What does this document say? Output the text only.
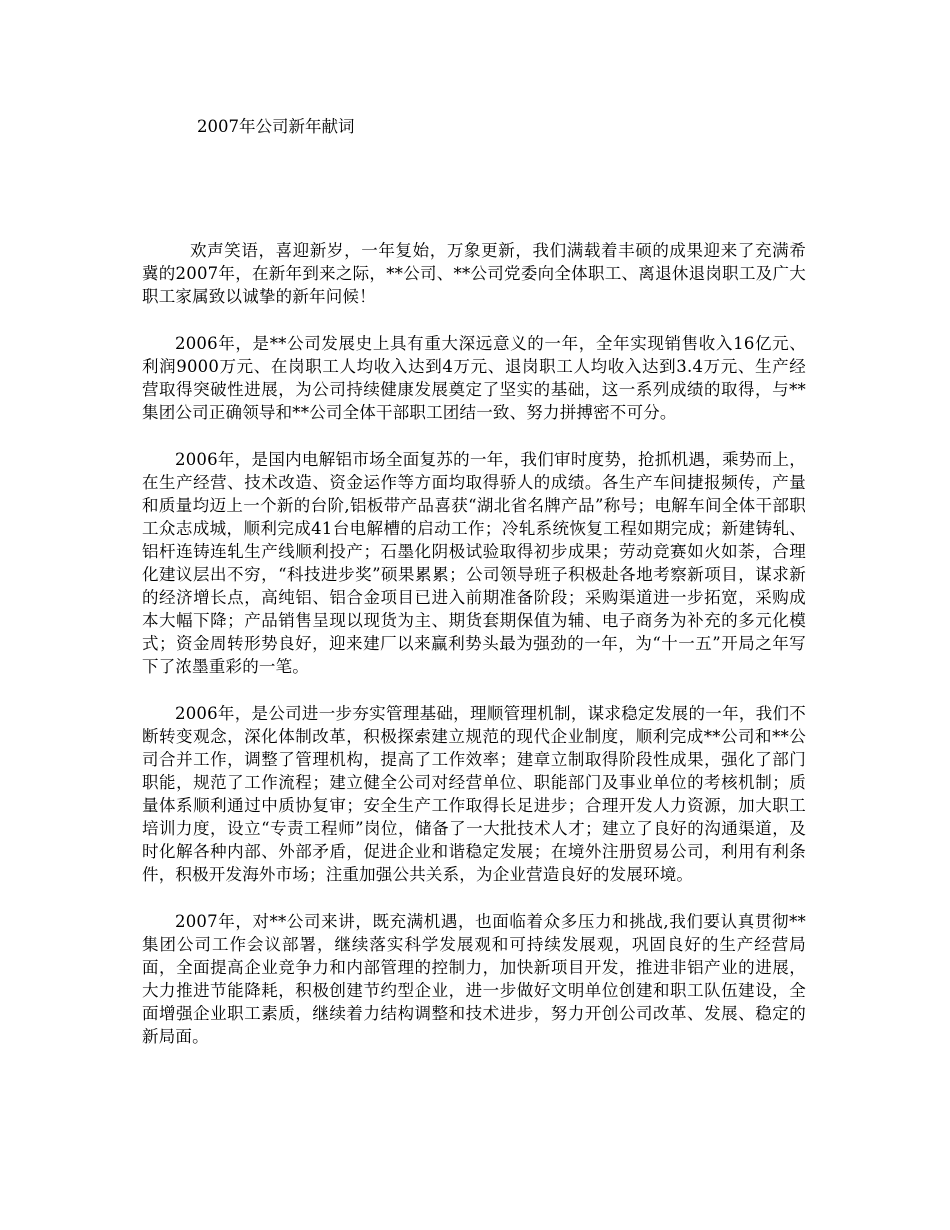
2007年公司新年献词

欢声笑语，喜迎新岁，一年复始，万象更新，我们满载着丰硕的成果迎来了充满希冀的2007年，在新年到来之际，**公司、**公司党委向全体职工、离退休退岗职工及广大职工家属致以诚挚的新年问候！

2006年，是**公司发展史上具有重大深远意义的一年，全年实现销售收入16亿元、利润9000万元、在岗职工人均收入达到4万元、退岗职工人均收入达到3.4万元、生产经营取得突破性进展，为公司持续健康发展奠定了坚实的基础，这一系列成绩的取得，与**集团公司正确领导和**公司全体干部职工团结一致、努力拼搏密不可分。

2006年，是国内电解铝市场全面复苏的一年，我们审时度势，抢抓机遇，乘势而上，在生产经营、技术改造、资金运作等方面均取得骄人的成绩。各生产车间捷报频传，产量和质量均迈上一个新的台阶,铝板带产品喜获“湖北省名牌产品”称号；电解车间全体干部职工众志成城，顺利完成41台电解槽的启动工作；冷轧系统恢复工程如期完成；新建铸轧、铝杆连铸连轧生产线顺利投产；石墨化阴极试验取得初步成果；劳动竞赛如火如荼，合理化建议层出不穷，“科技进步奖”硕果累累；公司领导班子积极赴各地考察新项目，谋求新的经济增长点，高纯铝、铝合金项目已进入前期准备阶段；采购渠道进一步拓宽，采购成本大幅下降；产品销售呈现以现货为主、期货套期保值为辅、电子商务为补充的多元化模式；资金周转形势良好，迎来建厂以来赢利势头最为强劲的一年，为“十一五”开局之年写下了浓墨重彩的一笔。

2006年，是公司进一步夯实管理基础，理顺管理机制，谋求稳定发展的一年，我们不断转变观念，深化体制改革，积极探索建立规范的现代企业制度，顺利完成**公司和**公司合并工作，调整了管理机构，提高了工作效率；建章立制取得阶段性成果，强化了部门职能，规范了工作流程；建立健全公司对经营单位、职能部门及事业单位的考核机制；质量体系顺利通过中质协复审；安全生产工作取得长足进步；合理开发人力资源，加大职工培训力度，设立“专责工程师”岗位，储备了一大批技术人才；建立了良好的沟通渠道，及时化解各种内部、外部矛盾，促进企业和谐稳定发展；在境外注册贸易公司，利用有利条件，积极开发海外市场；注重加强公共关系，为企业营造良好的发展环境。

2007年，对**公司来讲，既充满机遇，也面临着众多压力和挑战,我们要认真贯彻**集团公司工作会议部署，继续落实科学发展观和可持续发展观，巩固良好的生产经营局面，全面提高企业竞争力和内部管理的控制力，加快新项目开发，推进非铝产业的进展，大力推进节能降耗，积极创建节约型企业，进一步做好文明单位创建和职工队伍建设，全面增强企业职工素质，继续着力结构调整和技术进步，努力开创公司改革、发展、稳定的新局面。
